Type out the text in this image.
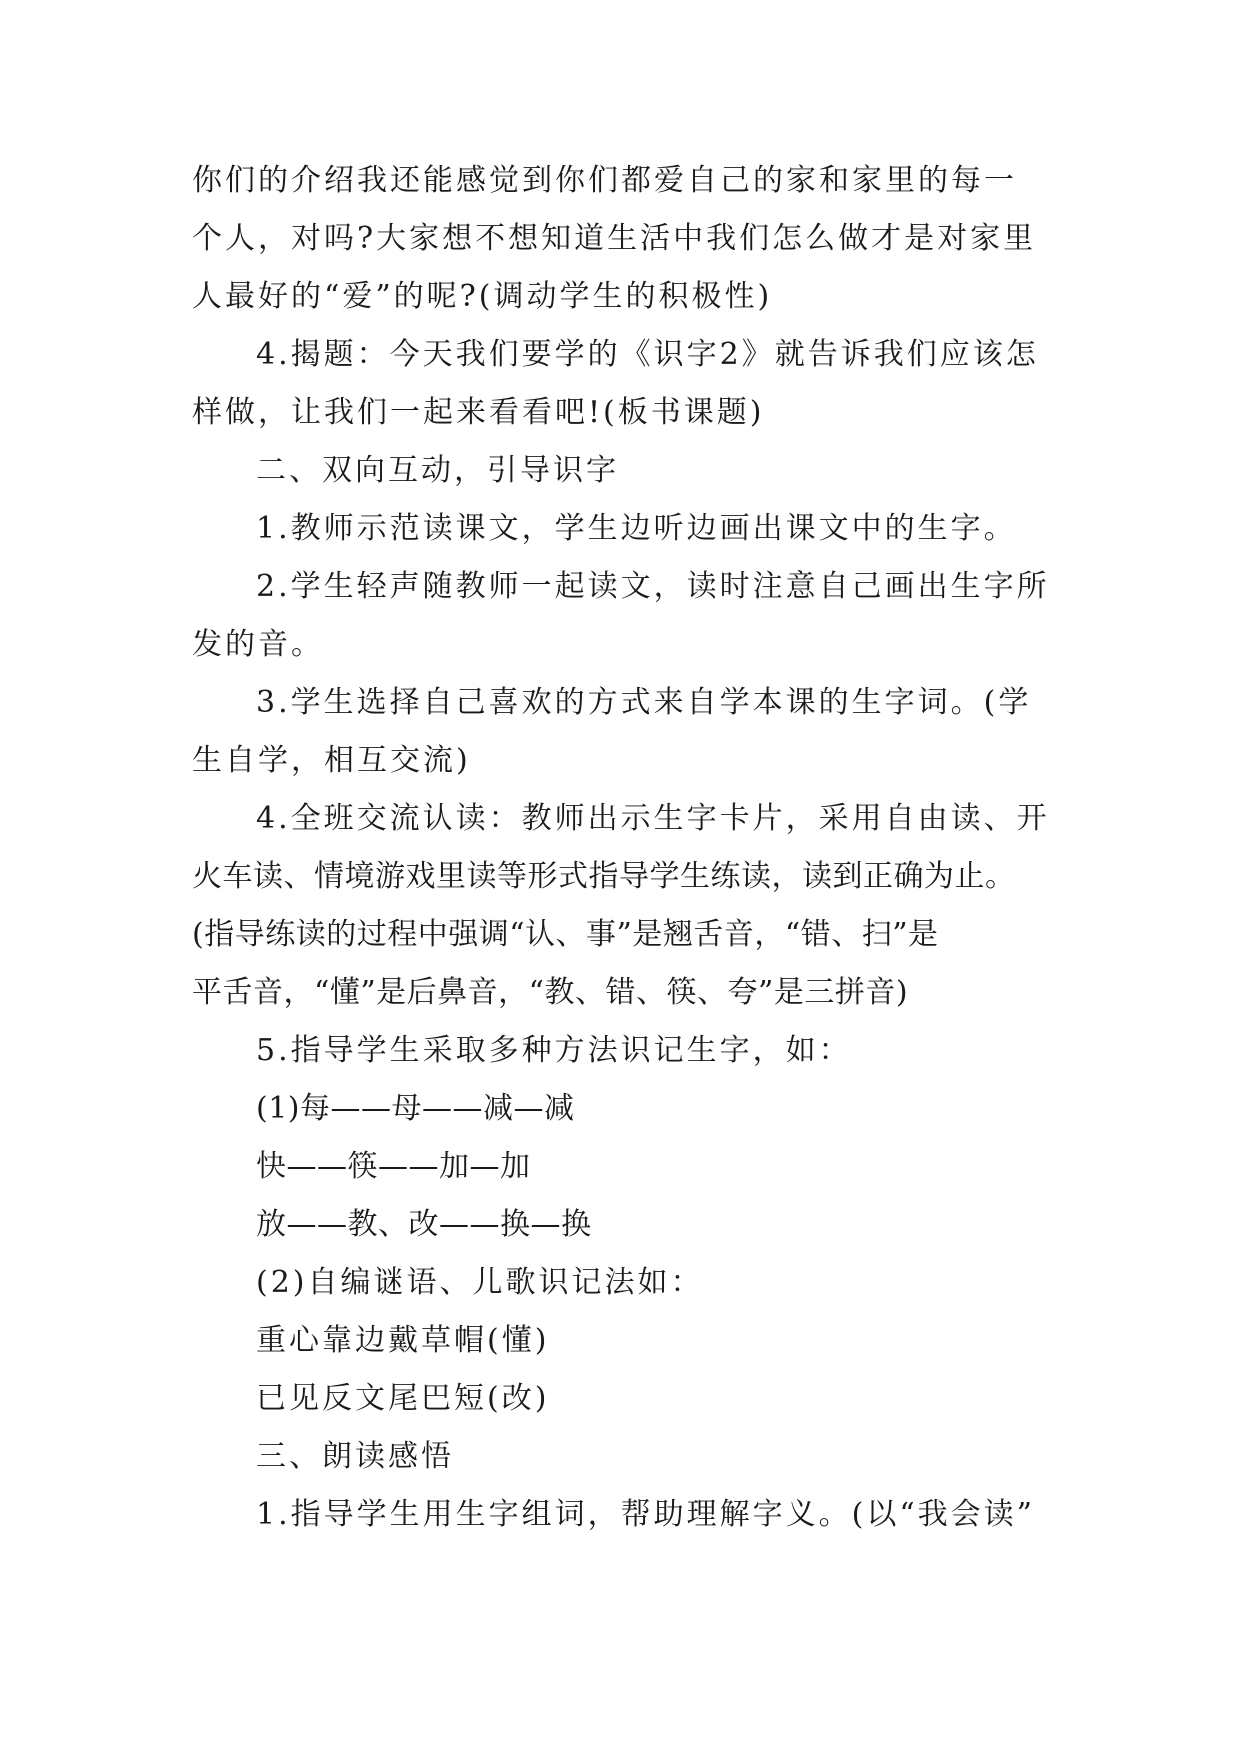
你们的介绍我还能感觉到你们都爱自己的家和家里的每一
个人，对吗?大家想不想知道生活中我们怎么做才是对家里
人最好的“爱”的呢?(调动学生的积极性)
4.揭题：今天我们要学的《识字2》就告诉我们应该怎
样做，让我们一起来看看吧!(板书课题)
二、双向互动，引导识字
1.教师示范读课文，学生边听边画出课文中的生字。
2.学生轻声随教师一起读文，读时注意自己画出生字所
发的音。
3.学生选择自己喜欢的方式来自学本课的生字词。(学
生自学，相互交流)
4.全班交流认读：教师出示生字卡片，采用自由读、开
火车读、情境游戏里读等形式指导学生练读，读到正确为止。
(指导练读的过程中强调“认、事”是翘舌音，“错、扫”是
平舌音，“懂”是后鼻音，“教、错、筷、夸”是三拼音)
5.指导学生采取多种方法识记生字，如：
(1)每——母——减—减
快——筷——加—加
放——教、改——换—换
(2)自编谜语、儿歌识记法如：
重心靠边戴草帽(懂)
已见反文尾巴短(改)
三、朗读感悟
1.指导学生用生字组词，帮助理解字义。(以“我会读”
